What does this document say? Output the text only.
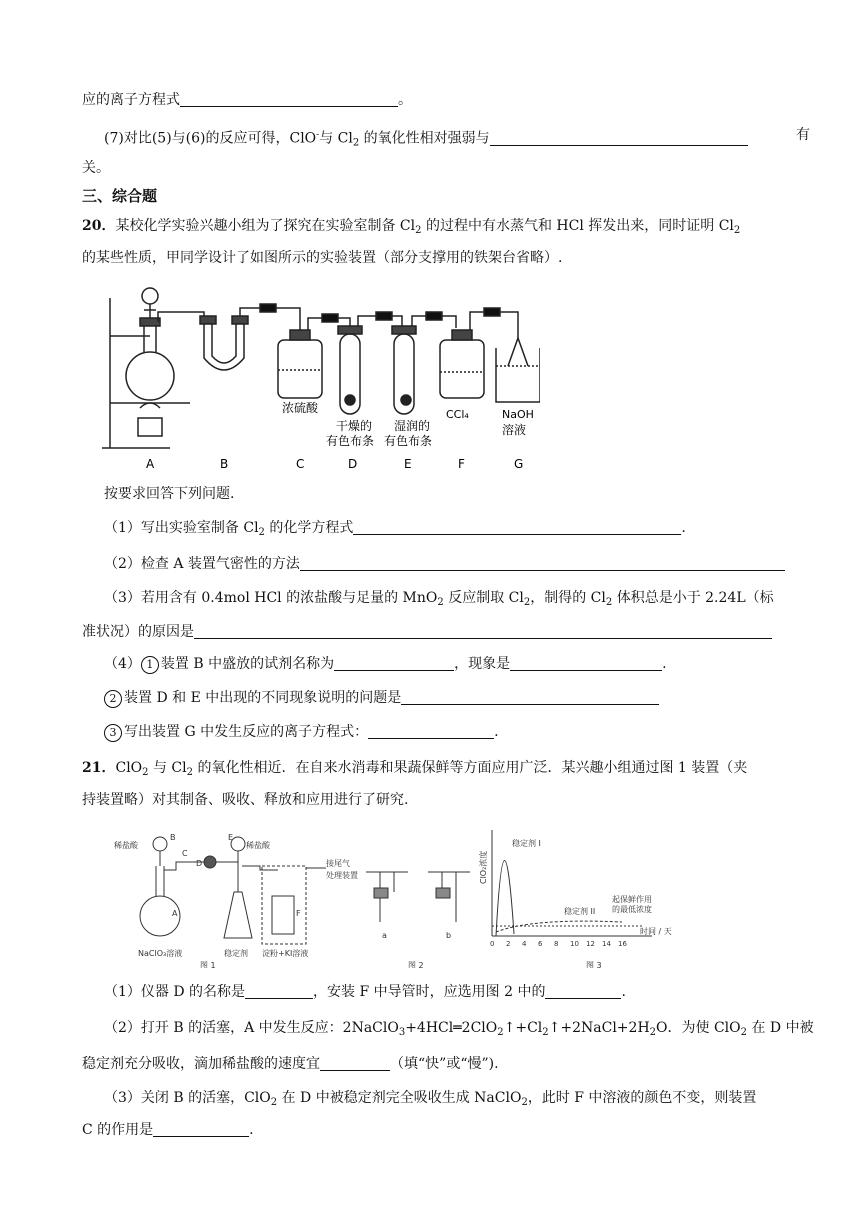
应的离子方程式	。
(7)对比(5)与(6)的反应可得，ClO-与 $Cl_2$ 的氧化性相对强弱与	有
关。
三、综合题
20．某校化学实验兴趣小组为了探究在实验室制备 $Cl_2$ 的过程中有水蒸气和 HCl 挥发出来，同时证明 $Cl_2$
的某些性质，甲同学设计了如图所示的实验装置（部分支撑用的铁架台省略）.
浓硫酸
干燥的
有色布条
湿润的
有色布条
CCl₄	NaOH
溶液
A	B	C	D	E	F	G
按要求回答下列问题.
（1）写出实验室制备 $Cl_2$ 的化学方程式	.
（2）检查 A 装置气密性的方法
（3）若用含有 0.4mol HCl 的浓盐酸与足量的 MnO$_2$ 反应制取 $Cl_2$，制得的 $Cl_2$ 体积总是小于 2.24L（标
准状况）的原因是
（4） 1 装置 B 中盛放的试剂名称为	，现象是	.
2 装置 D 和 E 中出现的不同现象说明的问题是
3 写出装置 G 中发生反应的离子方程式：	.
21．ClO$_2$ 与 $Cl_2$ 的氧化性相近．在自来水消毒和果蔬保鲜等方面应用广泛．某兴趣小组通过图 1 装置（夹
持装置略）对其制备、吸收、释放和应用进行了研究.
稀盐酸	稀盐酸
NaClO₃溶液	稳定剂 淀粉+KI溶液
接尾气
处理装置
A
B
C
D
E
F
a	b
图 1	图 2	图 3
稳定剂 I
稳定剂 II
起保鲜作用
的最低浓度
ClO₂浓度
时间 / 天
0 2 4 6 8 10 12 14 16
（1）仪器 D 的名称是	，安装 F 中导管时，应选用图 2 中的	.
（2）打开 B 的活塞，A 中发生反应：$2NaClO_3+4HCl═2ClO_2↑+Cl_2↑+2NaCl+2H_2O$．为使 ClO$_2$ 在 D 中被
稳定剂充分吸收，滴加稀盐酸的速度宜	（填“快”或“慢”).
（3）关闭 B 的活塞，ClO$_2$ 在 D 中被稳定剂完全吸收生成 NaClO$_2$，此时 F 中溶液的颜色不变，则装置
C 的作用是	.
